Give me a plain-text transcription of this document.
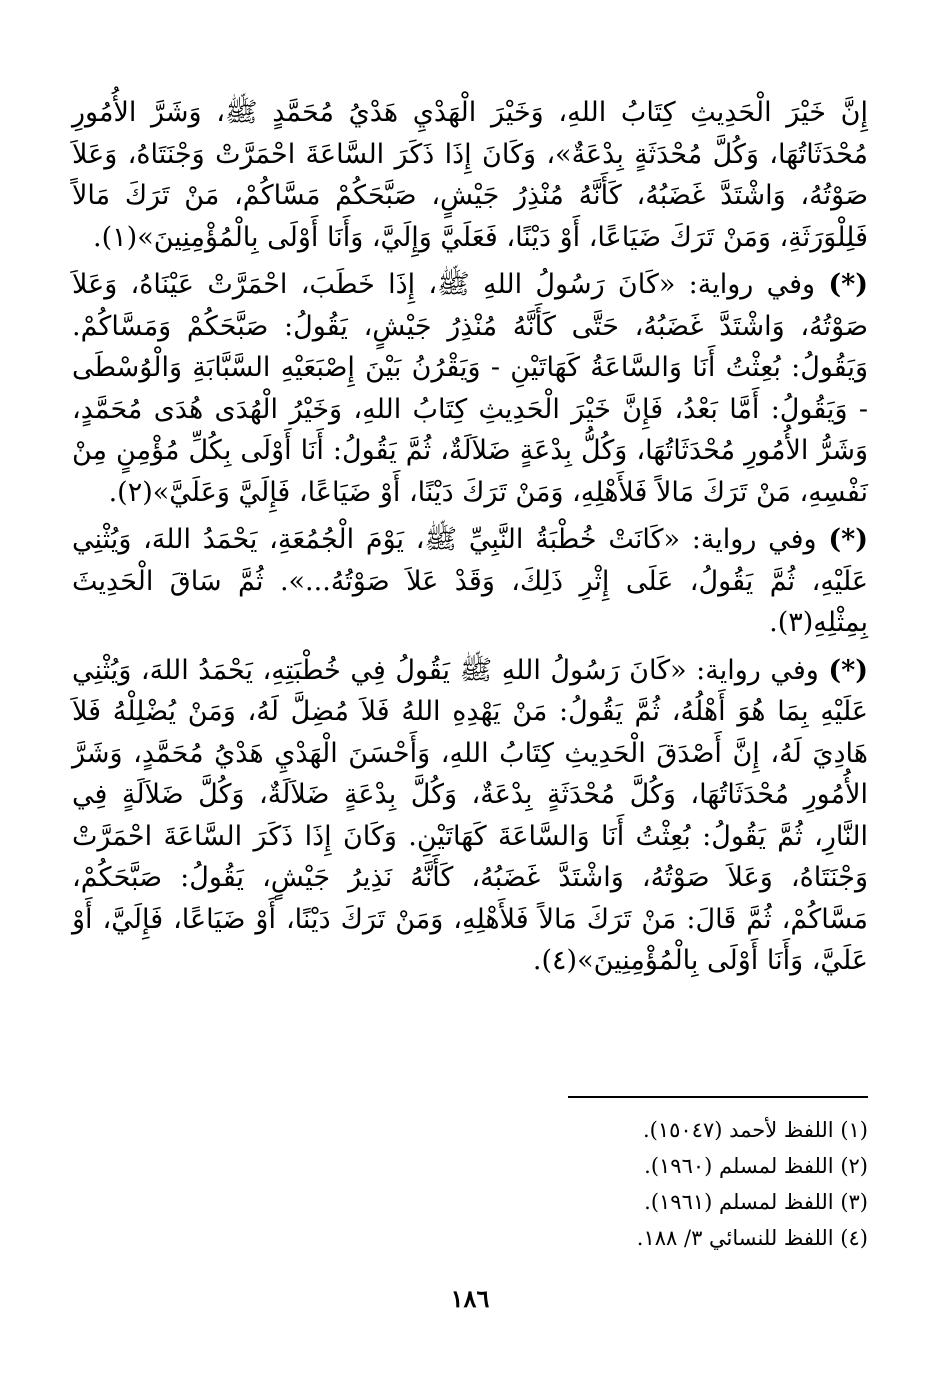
إِنَّ خَيْرَ الْحَدِيثِ كِتَابُ اللهِ، وَخَيْرَ الْهَدْيِ هَدْيُ مُحَمَّدٍ ﷺ، وَشَرَّ الأُمُورِ مُحْدَثَاتُهَا، وَكُلَّ مُحْدَثَةٍ بِدْعَةٌ»، وَكَانَ إِذَا ذَكَرَ السَّاعَةَ احْمَرَّتْ وَجْنَتَاهُ، وَعَلاَ صَوْتُهُ، وَاشْتَدَّ غَضَبُهُ، كَأَنَّهُ مُنْذِرُ جَيْشٍ، صَبَّحَكُمْ مَسَّاكُمْ، مَنْ تَرَكَ مَالاً فَلِلْوَرَثَةِ، وَمَنْ تَرَكَ ضَيَاعًا، أَوْ دَيْنًا، فَعَلَيَّ وَإِلَيَّ، وَأَنَا أَوْلَى بِالْمُؤْمِنِينَ»(١).

(*) وفي رواية: «كَانَ رَسُولُ اللهِ ﷺ، إِذَا خَطَبَ، احْمَرَّتْ عَيْنَاهُ، وَعَلاَ صَوْتُهُ، وَاشْتَدَّ غَضَبُهُ، حَتَّى كَأَنَّهُ مُنْذِرُ جَيْشٍ، يَقُولُ: صَبَّحَكُمْ وَمَسَّاكُمْ. وَيَقُولُ: بُعِثْتُ أَنَا وَالسَّاعَةُ كَهَاتَيْنِ - وَيَقْرُنُ بَيْنَ إِصْبَعَيْهِ السَّبَّابَةِ وَالْوُسْطَى - وَيَقُولُ: أَمَّا بَعْدُ، فَإِنَّ خَيْرَ الْحَدِيثِ كِتَابُ اللهِ، وَخَيْرُ الْهُدَى هُدَى مُحَمَّدٍ، وَشَرُّ الأُمُورِ مُحْدَثَاتُهَا، وَكُلُّ بِدْعَةٍ ضَلاَلَةٌ، ثُمَّ يَقُولُ: أَنَا أَوْلَى بِكُلِّ مُؤْمِنٍ مِنْ نَفْسِهِ، مَنْ تَرَكَ مَالاً فَلأَهْلِهِ، وَمَنْ تَرَكَ دَيْنًا، أَوْ ضَيَاعًا، فَإِلَيَّ وَعَلَيَّ»(٢).

(*) وفي رواية: «كَانَتْ خُطْبَةُ النَّبِيِّ ﷺ، يَوْمَ الْجُمُعَةِ، يَحْمَدُ اللهَ، وَيُثْنِي عَلَيْهِ، ثُمَّ يَقُولُ، عَلَى إِثْرِ ذَلِكَ، وَقَدْ عَلاَ صَوْتُهُ...». ثُمَّ سَاقَ الْحَدِيثَ بِمِثْلِهِ(٣).

(*) وفي رواية: «كَانَ رَسُولُ اللهِ ﷺ يَقُولُ فِي خُطْبَتِهِ، يَحْمَدُ اللهَ، وَيُثْنِي عَلَيْهِ بِمَا هُوَ أَهْلُهُ، ثُمَّ يَقُولُ: مَنْ يَهْدِهِ اللهُ فَلاَ مُضِلَّ لَهُ، وَمَنْ يُضْلِلْهُ فَلاَ هَادِيَ لَهُ، إِنَّ أَصْدَقَ الْحَدِيثِ كِتَابُ اللهِ، وَأَحْسَنَ الْهَدْيِ هَدْيُ مُحَمَّدٍ، وَشَرَّ الأُمُورِ مُحْدَثَاتُهَا، وَكُلَّ مُحْدَثَةٍ بِدْعَةٌ، وَكُلَّ بِدْعَةٍ ضَلاَلَةٌ، وَكُلَّ ضَلاَلَةٍ فِي النَّارِ، ثُمَّ يَقُولُ: بُعِثْتُ أَنَا وَالسَّاعَةَ كَهَاتَيْنِ. وَكَانَ إِذَا ذَكَرَ السَّاعَةَ احْمَرَّتْ وَجْنَتَاهُ، وَعَلاَ صَوْتُهُ، وَاشْتَدَّ غَضَبُهُ، كَأَنَّهُ نَذِيرُ جَيْشٍ، يَقُولُ: صَبَّحَكُمْ، مَسَّاكُمْ، ثُمَّ قَالَ: مَنْ تَرَكَ مَالاً فَلأَهْلِهِ، وَمَنْ تَرَكَ دَيْنًا، أَوْ ضَيَاعًا، فَإِلَيَّ، أَوْ عَلَيَّ، وَأَنَا أَوْلَى بِالْمُؤْمِنِينَ»(٤).

(١) اللفظ لأحمد (١٥٠٤٧).

(٢) اللفظ لمسلم (١٩٦٠).

(٣) اللفظ لمسلم (١٩٦١).

(٤) اللفظ للنسائي ٣/ ١٨٨.

١٨٦
